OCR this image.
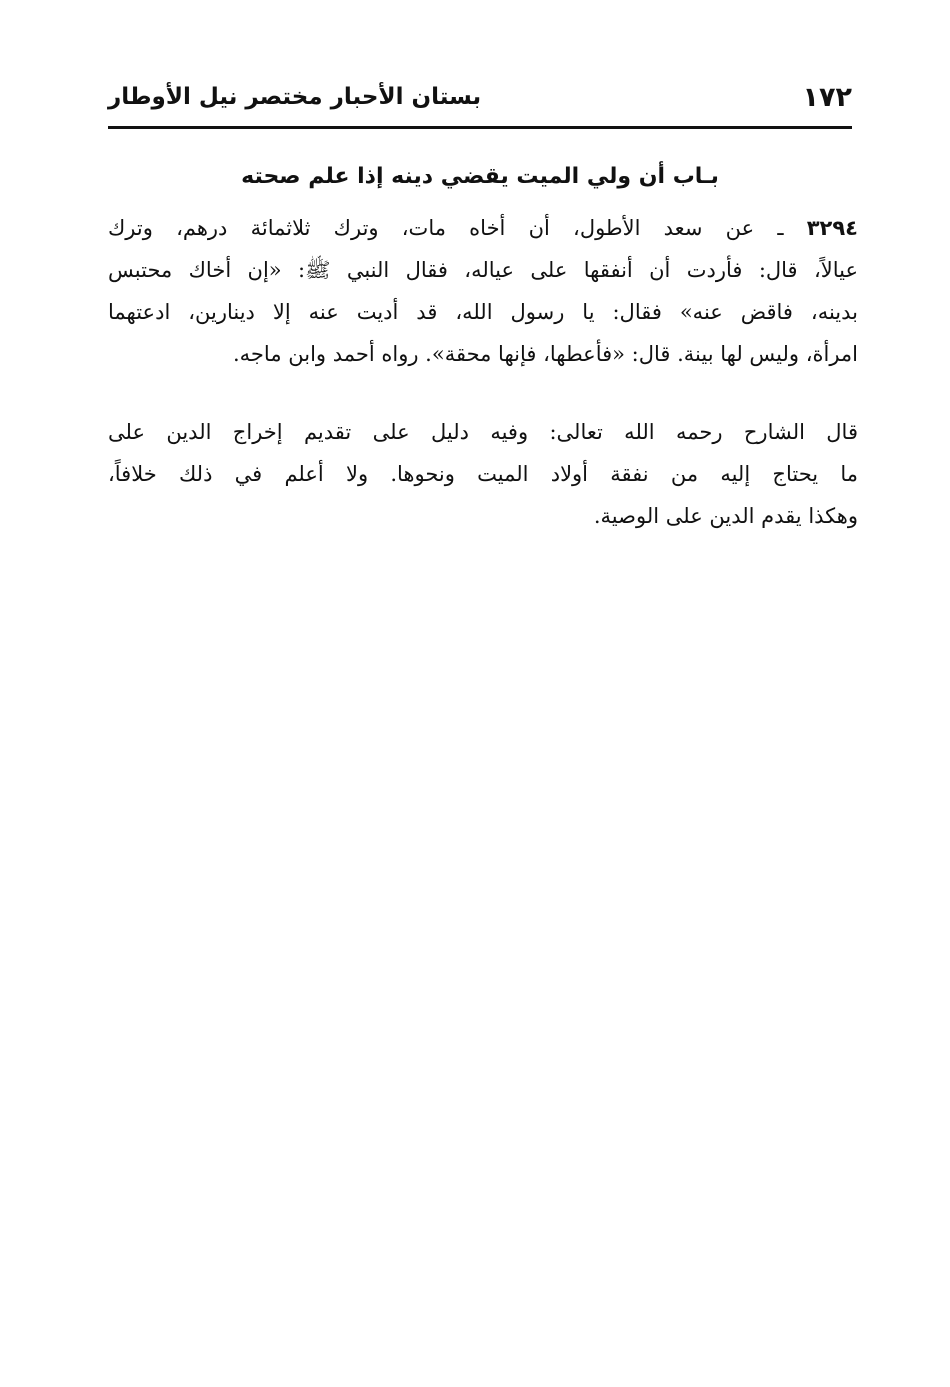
١٧٢
بستان الأحبار مختصر نيل الأوطار
بـاب أن ولي الميت يقضي دينه إذا علم صحته
٣٢٩٤ ـ عن سعد الأطول، أن أخاه مات، وترك ثلاثمائة درهم، وترك
عيالاً، قال: فأردت أن أنفقها على عياله، فقال النبي ﷺ: «إن أخاك محتبس
بدينه، فاقض عنه» فقال: يا رسول الله، قد أديت عنه إلا دينارين، ادعتهما
امرأة، وليس لها بينة. قال: «فأعطها، فإنها محقة». رواه أحمد وابن ماجه.
قال الشارح رحمه الله تعالى: وفيه دليل على تقديم إخراج الدين على
ما يحتاج إليه من نفقة أولاد الميت ونحوها. ولا أعلم في ذلك خلافاً،
وهكذا يقدم الدين على الوصية.
